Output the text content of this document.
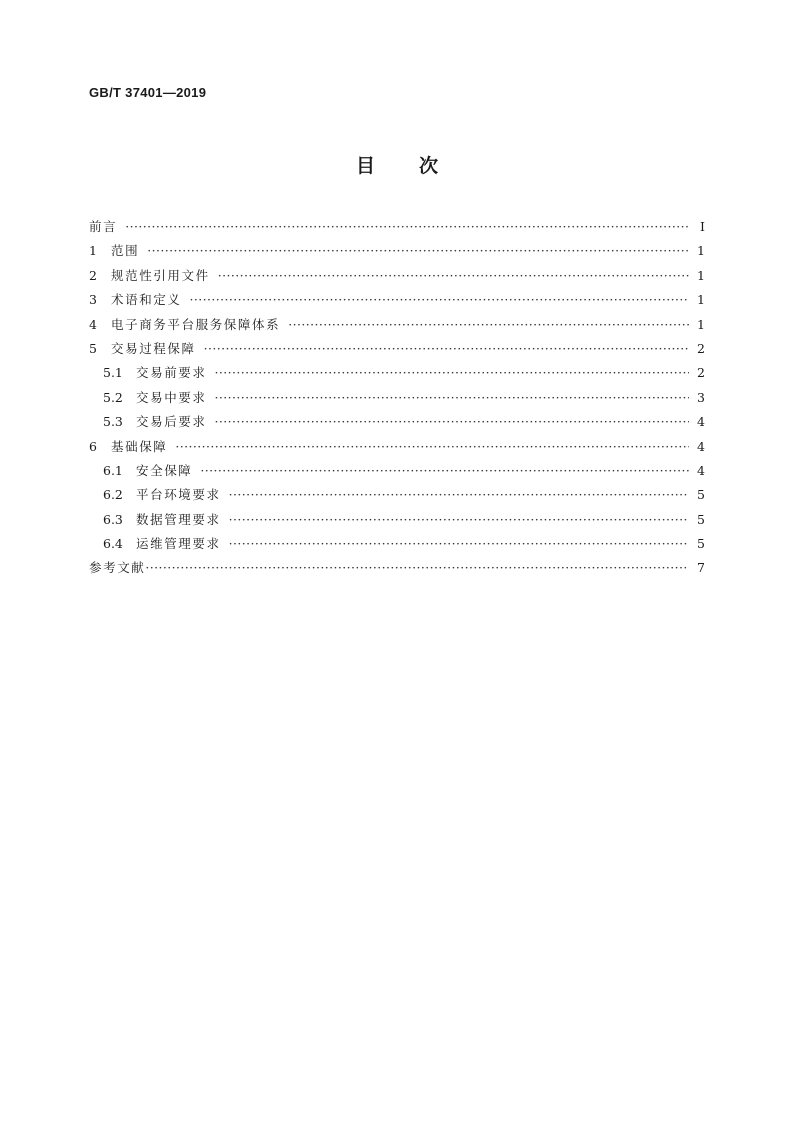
GB/T 37401—2019
目 次
前言 ·····	Ⅰ
1	范围 ·····	1
2	规范性引用文件 ·····	1
3	术语和定义 ·····	1
4	电子商务平台服务保障体系 ·····	1
5	交易过程保障 ·····	2
5.1	交易前要求 ·····	2
5.2	交易中要求 ·····	3
5.3	交易后要求 ·····	4
6	基础保障 ·····	4
6.1	安全保障 ·····	4
6.2	平台环境要求 ·····	5
6.3	数据管理要求 ·····	5
6.4	运维管理要求 ·····	5
参考文献 ·····	7
